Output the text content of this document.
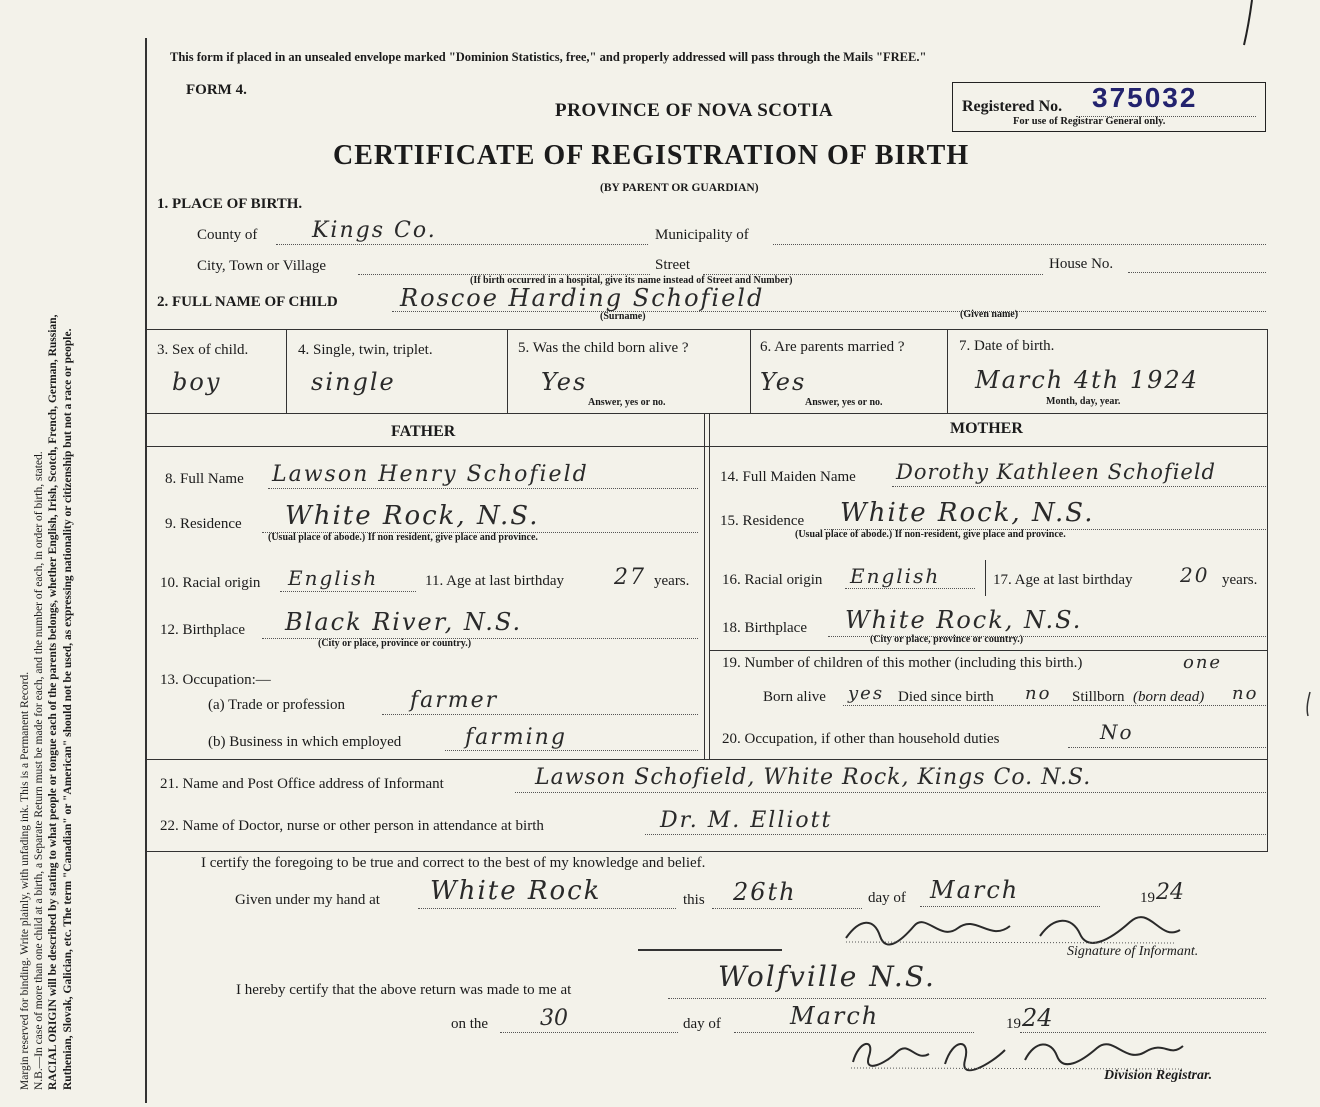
Margin reserved for binding. Write plainly, with unfading ink. This is a Permanent Record. N.B.—In case of more than one child at a birth, a Separate Return must be made for each, and the number of each, in order of birth, stated. RACIAL ORIGIN will be described by stating to what people or tongue each of the parents belongs, whether English, Irish, Scotch, French, German, Russian, Ruthenian, Slovak, Galician, etc. The term "Canadian" or "American" should not be used, as expressing nationality or citizenship but not a race or people.
This form if placed in an unsealed envelope marked "Dominion Statistics, free," and properly addressed will pass through the Mails "FREE."
FORM 4.
PROVINCE OF NOVA SCOTIA
CERTIFICATE OF REGISTRATION OF BIRTH
(BY PARENT OR GUARDIAN)
Registered No. 375032
For use of Registrar General only.
1. PLACE OF BIRTH.
County of Kings Co.	Municipality of
City, Town or Village	Street	House No.
(If birth occurred in a hospital, give its name instead of Street and Number)
2. FULL NAME OF CHILD	Roscoe Harding Schofield
(Surname)	(Given name)
3. Sex of child.
boy
4. Single, twin, triplet.
single
5. Was the child born alive ?
Yes
Answer, yes or no.
6. Are parents married ?
Yes
Answer, yes or no.
7. Date of birth.
March 4th 1924
Month, day, year.
FATHER	MOTHER
8. Full Name Lawson Henry Schofield
9. Residence White Rock, N.S.
(Usual place of abode.) If non resident, give place and province.
10. Racial origin English	11. Age at last birthday 27 years.
12. Birthplace Black River, N.S.
(City or place, province or country.)
13. Occupation:—
(a) Trade or profession	farmer
(b) Business in which employed	farming
14. Full Maiden Name Dorothy Kathleen Schofield
15. Residence White Rock, N.S.
(Usual place of abode.) If non-resident, give place and province.
16. Racial origin English	17. Age at last birthday 20 years.
18. Birthplace White Rock, N.S.
(City or place, province or country.)
19. Number of children of this mother (including this birth.)	one
Born alive yes Died since birth no Stillborn (born dead) no
20. Occupation, if other than household duties	No
21. Name and Post Office address of Informant	Lawson Schofield, White Rock, Kings Co. N.S.
22. Name of Doctor, nurse or other person in attendance at birth	Dr. M. Elliott
I certify the foregoing to be true and correct to the best of my knowledge and belief.
Given under my hand at White Rock	this 26th	day of March	19 24
Signature of Informant.
I hereby certify that the above return was made to me at	Wolfville N.S.
on the 30	day of	March	19 24
Division Registrar.
